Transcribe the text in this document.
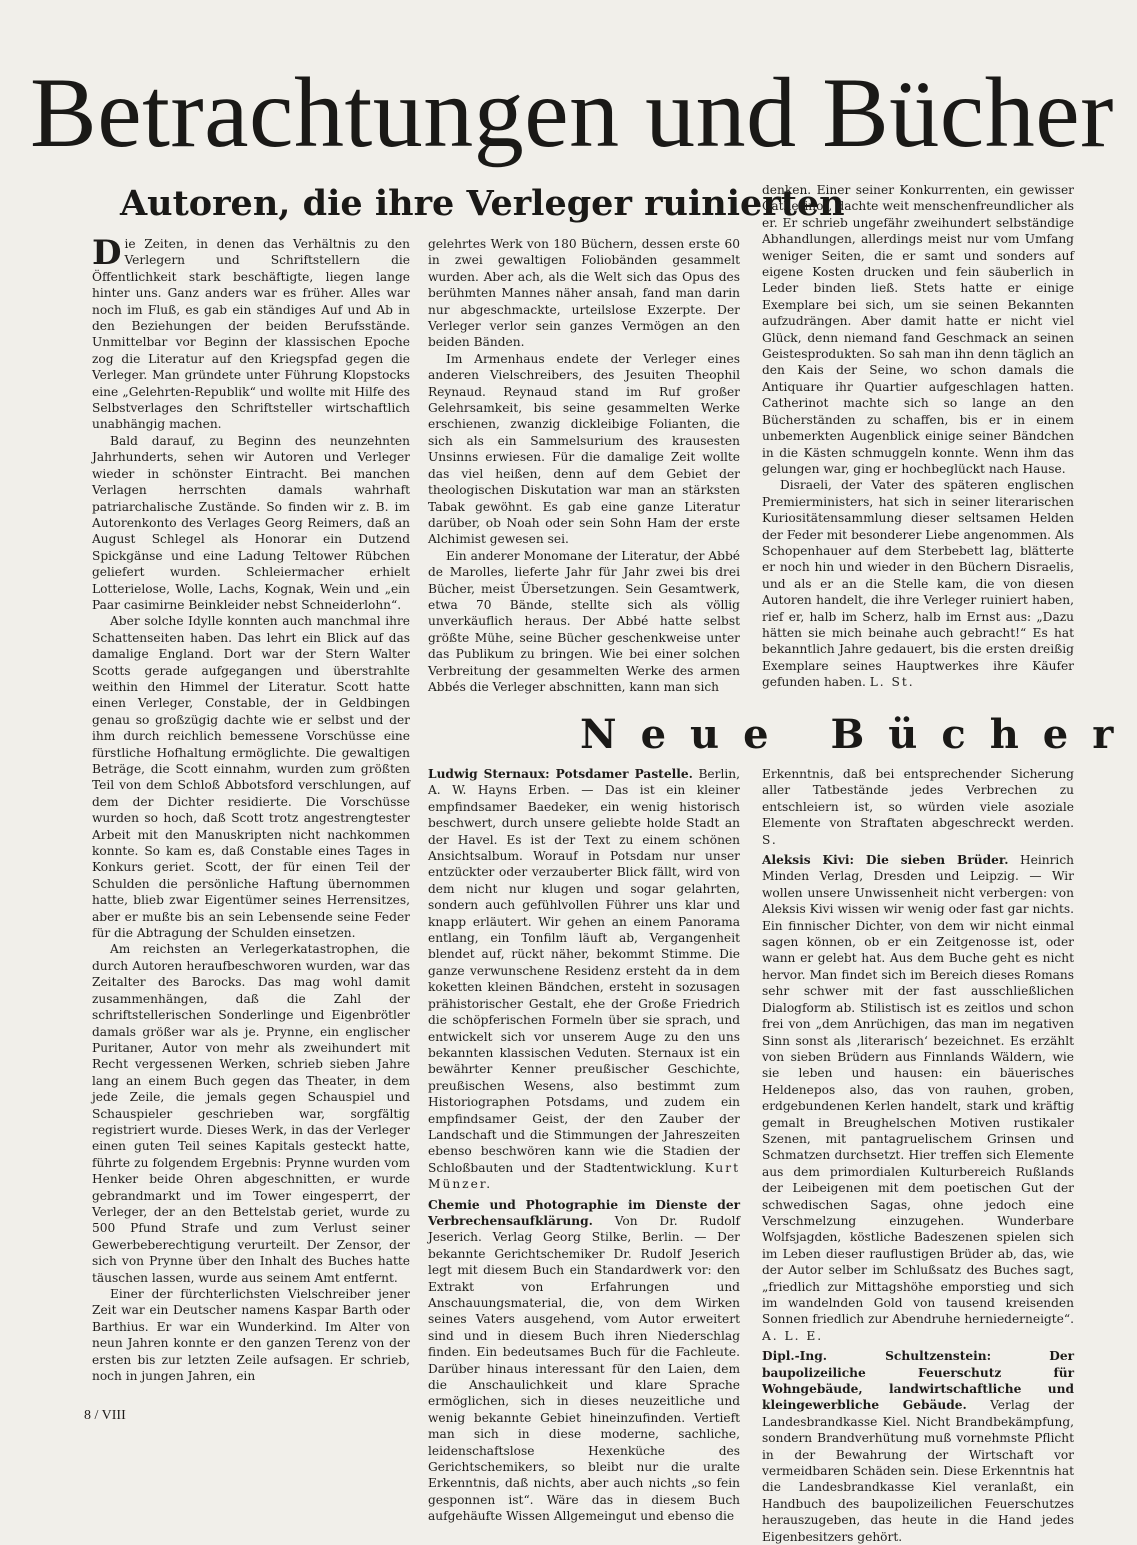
Betrachtungen und Bücher
Autoren, die ihre Verleger ruinierten

Die Zeiten, in denen das Verhältnis zu den Verlegern und Schriftstellern die Öffentlichkeit stark beschäftigte, liegen lange hinter uns. Ganz anders war es früher. Alles war noch im Fluß, es gab ein ständiges Auf und Ab in den Beziehungen der beiden Berufsstände. Unmittelbar vor Beginn der klassischen Epoche zog die Literatur auf den Kriegspfad gegen die Verleger. Man gründete unter Führung Klopstocks eine „Gelehrten-Republik“ und wollte mit Hilfe des Selbstverlages den Schriftsteller wirtschaftlich unabhängig machen.

Bald darauf, zu Beginn des neunzehnten Jahrhunderts, sehen wir Autoren und Verleger wieder in schönster Eintracht. Bei manchen Verlagen herrschten damals wahrhaft patriarchalische Zustände. So finden wir z. B. im Autorenkonto des Verlages Georg Reimers, daß an August Schlegel als Honorar ein Dutzend Spickgänse und eine Ladung Teltower Rübchen geliefert wurden. Schleiermacher erhielt Lotterielose, Wolle, Lachs, Kognak, Wein und „ein Paar casimirne Beinkleider nebst Schneiderlohn“.

Aber solche Idylle konnten auch manchmal ihre Schattenseiten haben. Das lehrt ein Blick auf das damalige England. Dort war der Stern Walter Scotts gerade aufgegangen und überstrahlte weithin den Himmel der Literatur. Scott hatte einen Verleger, Constable, der in Geldbingen genau so großzügig dachte wie er selbst und der ihm durch reichlich bemessene Vorschüsse eine fürstliche Hofhaltung ermöglichte. Die gewaltigen Beträge, die Scott einnahm, wurden zum größten Teil von dem Schloß Abbotsford verschlungen, auf dem der Dichter residierte. Die Vorschüsse wurden so hoch, daß Scott trotz angestrengtester Arbeit mit den Manuskripten nicht nachkommen konnte. So kam es, daß Constable eines Tages in Konkurs geriet. Scott, der für einen Teil der Schulden die persönliche Haftung übernommen hatte, blieb zwar Eigentümer seines Herrensitzes, aber er mußte bis an sein Lebensende seine Feder für die Abtragung der Schulden einsetzen.

Am reichsten an Verlegerkatastrophen, die durch Autoren heraufbeschworen wurden, war das Zeitalter des Barocks. Das mag wohl damit zusammenhängen, daß die Zahl der schriftstellerischen Sonderlinge und Eigenbrötler damals größer war als je. Prynne, ein englischer Puritaner, Autor von mehr als zweihundert mit Recht vergessenen Werken, schrieb sieben Jahre lang an einem Buch gegen das Theater, in dem jede Zeile, die jemals gegen Schauspiel und Schauspieler geschrieben war, sorgfältig registriert wurde. Dieses Werk, in das der Verleger einen guten Teil seines Kapitals gesteckt hatte, führte zu folgendem Ergebnis: Prynne wurden vom Henker beide Ohren abgeschnitten, er wurde gebrandmarkt und im Tower eingesperrt, der Verleger, der an den Bettelstab geriet, wurde zu 500 Pfund Strafe und zum Verlust seiner Gewerbeberechtigung verurteilt. Der Zensor, der sich von Prynne über den Inhalt des Buches hatte täuschen lassen, wurde aus seinem Amt entfernt.

Einer der fürchterlichsten Vielschreiber jener Zeit war ein Deutscher namens Kaspar Barth oder Barthius. Er war ein Wunderkind. Im Alter von neun Jahren konnte er den ganzen Terenz von der ersten bis zur letzten Zeile aufsagen. Er schrieb, noch in jungen Jahren, ein

gelehrtes Werk von 180 Büchern, dessen erste 60 in zwei gewaltigen Foliobänden gesammelt wurden. Aber ach, als die Welt sich das Opus des berühmten Mannes näher ansah, fand man darin nur abgeschmackte, urteilslose Exzerpte. Der Verleger verlor sein ganzes Vermögen an den beiden Bänden.

Im Armenhaus endete der Verleger eines anderen Vielschreibers, des Jesuiten Theophil Reynaud. Reynaud stand im Ruf großer Gelehrsamkeit, bis seine gesammelten Werke erschienen, zwanzig dickleibige Folianten, die sich als ein Sammelsurium des krausesten Unsinns erwiesen. Für die damalige Zeit wollte das viel heißen, denn auf dem Gebiet der theologischen Diskutation war man an stärksten Tabak gewöhnt. Es gab eine ganze Literatur darüber, ob Noah oder sein Sohn Ham der erste Alchimist gewesen sei.

Ein anderer Monomane der Literatur, der Abbé de Marolles, lieferte Jahr für Jahr zwei bis drei Bücher, meist Übersetzungen. Sein Gesamtwerk, etwa 70 Bände, stellte sich als völlig unverkäuflich heraus. Der Abbé hatte selbst größte Mühe, seine Bücher geschenkweise unter das Publikum zu bringen. Wie bei einer solchen Verbreitung der gesammelten Werke des armen Abbés die Verleger abschnitten, kann man sich

denken. Einer seiner Konkurrenten, ein gewisser Catherinot, dachte weit menschenfreundlicher als er. Er schrieb ungefähr zweihundert selbständige Abhandlungen, allerdings meist nur vom Umfang weniger Seiten, die er samt und sonders auf eigene Kosten drucken und fein säuberlich in Leder binden ließ. Stets hatte er einige Exemplare bei sich, um sie seinen Bekannten aufzudrängen. Aber damit hatte er nicht viel Glück, denn niemand fand Geschmack an seinen Geistesprodukten. So sah man ihn denn täglich an den Kais der Seine, wo schon damals die Antiquare ihr Quartier aufgeschlagen hatten. Catherinot machte sich so lange an den Bücherständen zu schaffen, bis er in einem unbemerkten Augenblick einige seiner Bändchen in die Kästen schmuggeln konnte. Wenn ihm das gelungen war, ging er hochbeglückt nach Hause.

Disraeli, der Vater des späteren englischen Premierministers, hat sich in seiner literarischen Kuriositätensammlung dieser seltsamen Helden der Feder mit besonderer Liebe angenommen. Als Schopenhauer auf dem Sterbebett lag, blätterte er noch hin und wieder in den Büchern Disraelis, und als er an die Stelle kam, die von diesen Autoren handelt, die ihre Verleger ruiniert haben, rief er, halb im Scherz, halb im Ernst aus: „Dazu hätten sie mich beinahe auch gebracht!“ Es hat bekanntlich Jahre gedauert, bis die ersten dreißig Exemplare seines Hauptwerkes ihre Käufer gefunden haben. L. St.

Neue Bücher

Ludwig Sternaux: Potsdamer Pastelle. Berlin, A. W. Hayns Erben. — Das ist ein kleiner empfindsamer Baedeker, ein wenig historisch beschwert, durch unsere geliebte holde Stadt an der Havel. Es ist der Text zu einem schönen Ansichtsalbum. Worauf in Potsdam nur unser entzückter oder verzauberter Blick fällt, wird von dem nicht nur klugen und sogar gelahrten, sondern auch gefühlvollen Führer uns klar und knapp erläutert. Wir gehen an einem Panorama entlang, ein Tonfilm läuft ab, Vergangenheit blendet auf, rückt näher, bekommt Stimme. Die ganze verwunschene Residenz ersteht da in dem koketten kleinen Bändchen, ersteht in sozusagen prähistorischer Gestalt, ehe der Große Friedrich die schöpferischen Formeln über sie sprach, und entwickelt sich vor unserem Auge zu den uns bekannten klassischen Veduten. Sternaux ist ein bewährter Kenner preußischer Geschichte, preußischen Wesens, also bestimmt zum Historiographen Potsdams, und zudem ein empfindsamer Geist, der den Zauber der Landschaft und die Stimmungen der Jahreszeiten ebenso beschwören kann wie die Stadien der Schloßbauten und der Stadtentwicklung. Kurt Münzer.

Chemie und Photographie im Dienste der Verbrechensaufklärung. Von Dr. Rudolf Jeserich. Verlag Georg Stilke, Berlin. — Der bekannte Gerichtschemiker Dr. Rudolf Jeserich legt mit diesem Buch ein Standardwerk vor: den Extrakt von Erfahrungen und Anschauungsmaterial, die, von dem Wirken seines Vaters ausgehend, vom Autor erweitert sind und in diesem Buch ihren Niederschlag finden. Ein bedeutsames Buch für die Fachleute. Darüber hinaus interessant für den Laien, dem die Anschaulichkeit und klare Sprache ermöglichen, sich in dieses neuzeitliche und wenig bekannte Gebiet hineinzufinden. Vertieft man sich in diese moderne, sachliche, leidenschaftslose Hexenküche des Gerichtschemikers, so bleibt nur die uralte Erkenntnis, daß nichts, aber auch nichts „so fein gesponnen ist“. Wäre das in diesem Buch aufgehäufte Wissen Allgemeingut und ebenso die

Erkenntnis, daß bei entsprechender Sicherung aller Tatbestände jedes Verbrechen zu entschleiern ist, so würden viele asoziale Elemente von Straftaten abgeschreckt werden. S.

Aleksis Kivi: Die sieben Brüder. Heinrich Minden Verlag, Dresden und Leipzig. — Wir wollen unsere Unwissenheit nicht verbergen: von Aleksis Kivi wissen wir wenig oder fast gar nichts. Ein finnischer Dichter, von dem wir nicht einmal sagen können, ob er ein Zeitgenosse ist, oder wann er gelebt hat. Aus dem Buche geht es nicht hervor. Man findet sich im Bereich dieses Romans sehr schwer mit der fast ausschließlichen Dialogform ab. Stilistisch ist es zeitlos und schon frei von „dem Anrüchigen, das man im negativen Sinn sonst als ‚literarisch‘ bezeichnet. Es erzählt von sieben Brüdern aus Finnlands Wäldern, wie sie leben und hausen: ein bäuerisches Heldenepos also, das von rauhen, groben, erdgebundenen Kerlen handelt, stark und kräftig gemalt in Breughelschen Motiven rustikaler Szenen, mit pantagruelischem Grinsen und Schmatzen durchsetzt. Hier treffen sich Elemente aus dem primordialen Kulturbereich Rußlands der Leibeigenen mit dem poetischen Gut der schwedischen Sagas, ohne jedoch eine Verschmelzung einzugehen. Wunderbare Wolfsjagden, köstliche Badeszenen spielen sich im Leben dieser rauflustigen Brüder ab, das, wie der Autor selber im Schlußsatz des Buches sagt, „friedlich zur Mittagshöhe emporstieg und sich im wandelnden Gold von tausend kreisenden Sonnen friedlich zur Abendruhe herniederneigte“. A. L. E.

Dipl.-Ing. Schultzenstein: Der baupolizeiliche Feuerschutz für Wohngebäude, landwirtschaftliche und kleingewerbliche Gebäude. Verlag der Landesbrandkasse Kiel. Nicht Brandbekämpfung, sondern Brandverhütung muß vornehmste Pflicht in der Bewahrung der Wirtschaft vor vermeidbaren Schäden sein. Diese Erkenntnis hat die Landesbrandkasse Kiel veranlaßt, ein Handbuch des baupolizeilichen Feuerschutzes herauszugeben, das heute in die Hand jedes Eigenbesitzers gehört.

8 / VIII
